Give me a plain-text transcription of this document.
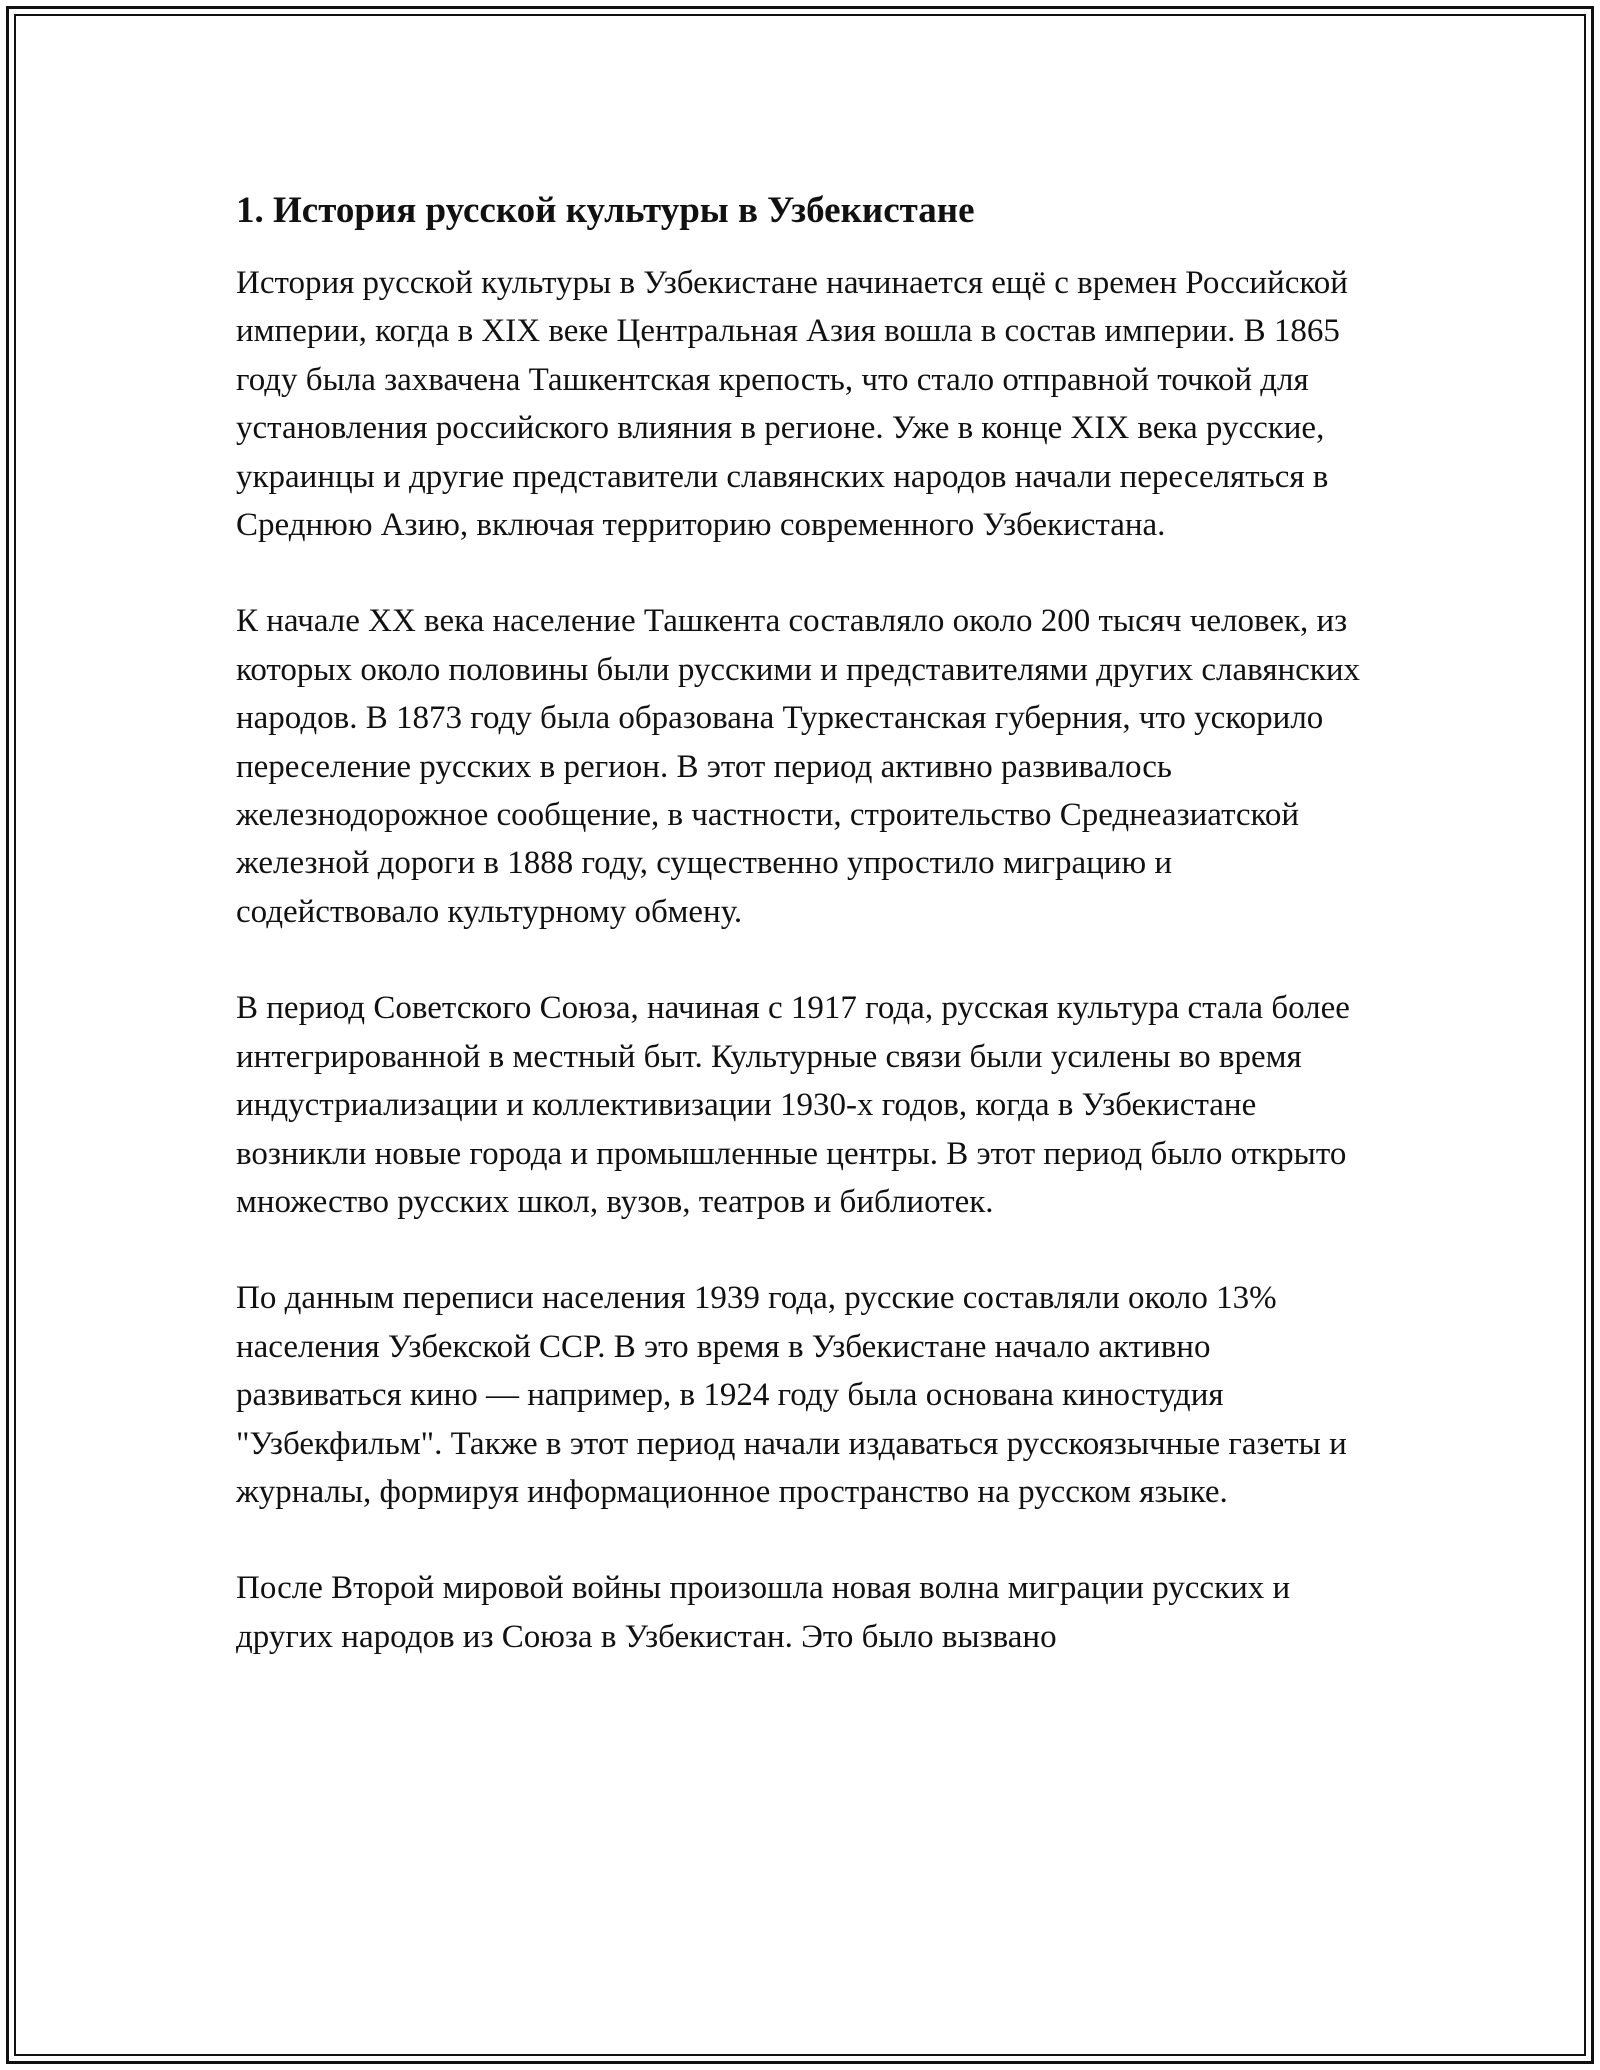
1. История русской культуры в Узбекистане

История русской культуры в Узбекистане начинается ещё с времен Российской империи, когда в XIX веке Центральная Азия вошла в состав империи. В 1865 году была захвачена Ташкентская крепость, что стало отправной точкой для установления российского влияния в регионе. Уже в конце XIX века русские, украинцы и другие представители славянских народов начали переселяться в Среднюю Азию, включая территорию современного Узбекистана.

К начале XX века население Ташкента составляло около 200 тысяч человек, из которых около половины были русскими и представителями других славянских народов. В 1873 году была образована Туркестанская губерния, что ускорило переселение русских в регион. В этот период активно развивалось железнодорожное сообщение, в частности, строительство Среднеазиатской железной дороги в 1888 году, существенно упростило миграцию и содействовало культурному обмену.

В период Советского Союза, начиная с 1917 года, русская культура стала более интегрированной в местный быт. Культурные связи были усилены во время индустриализации и коллективизации 1930-х годов, когда в Узбекистане возникли новые города и промышленные центры. В этот период было открыто множество русских школ, вузов, театров и библиотек.

По данным переписи населения 1939 года, русские составляли около 13% населения Узбекской ССР. В это время в Узбекистане начало активно развиваться кино — например, в 1924 году была основана киностудия "Узбекфильм". Также в этот период начали издаваться русскоязычные газеты и журналы, формируя информационное пространство на русском языке.

После Второй мировой войны произошла новая волна миграции русских и других народов из Союза в Узбекистан. Это было вызвано
